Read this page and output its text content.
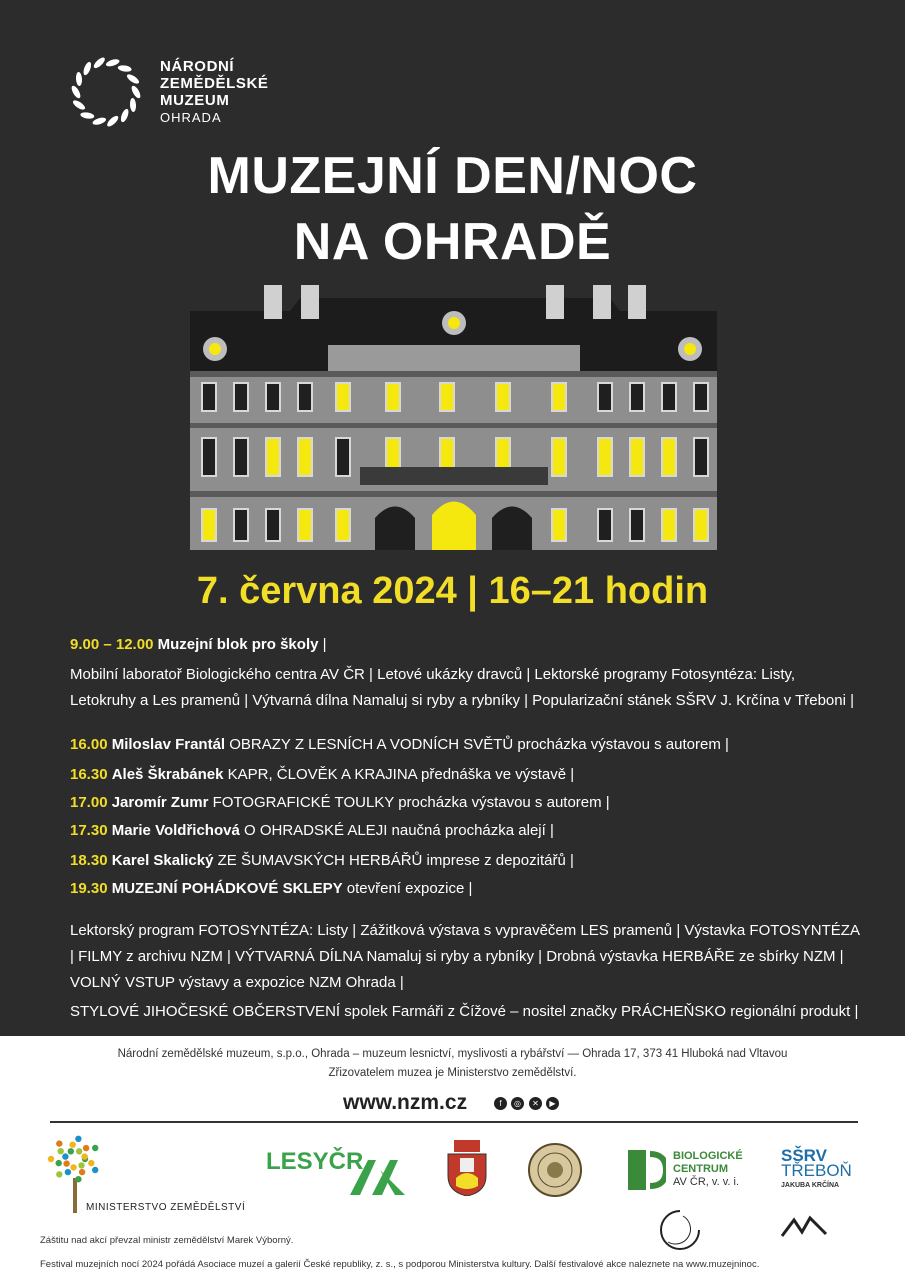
NÁRODNÍ
ZEMĚDĚLSKÉ
MUZEUM
OHRADA
MUZEJNÍ DEN/NOC
NA OHRADĚ
7. června 2024 | 16–21 hodin
9.00 – 12.00 Muzejní blok pro školy |
Mobilní laboratoř Biologického centra AV ČR | Letové ukázky dravců | Lektorské programy Fotosyntéza: Listy,
Letokruhy a Les pramenů | Výtvarná dílna Namaluj si ryby a rybníky | Popularizační stánek SŠRV J. Krčína v Třeboni |
16.00 Miloslav Frantál OBRAZY Z LESNÍCH A VODNÍCH SVĚTŮ procházka výstavou s autorem |
16.30 Aleš Škrabánek KAPR, ČLOVĚK A KRAJINA přednáška ve výstavě |
17.00 Jaromír Zumr FOTOGRAFICKÉ TOULKY procházka výstavou s autorem |
17.30 Marie Voldřichová O OHRADSKÉ ALEJI naučná procházka alejí |
18.30 Karel Skalický ZE ŠUMAVSKÝCH HERBÁŘŮ imprese z depozitářů |
19.30 MUZEJNÍ POHÁDKOVÉ SKLEPY otevření expozice |
Lektorský program FOTOSYNTÉZA: Listy | Zážitková výstava s vypravěčem LES pramenů | Výstavka FOTOSYNTÉZA
| FILMY z archivu NZM | VÝTVARNÁ DÍLNA Namaluj si ryby a rybníky | Drobná výstavka HERBÁŘE ze sbírky NZM |
VOLNÝ VSTUP výstavy a expozice NZM Ohrada |
STYLOVÉ JIHOČESKÉ OBČERSTVENÍ spolek Farmáři z Čížové – nositel značky PRÁCHEŇSKO regionální produkt |
Národní zemědělské muzeum, s.p.o., Ohrada – muzeum lesnictví, myslivosti a rybářství — Ohrada 17, 373 41 Hluboká nad Vltavou
Zřizovatelem muzea je Ministerstvo zemědělství.
www.nzm.cz	f	◎	✕	▶
MINISTERSTVO ZEMĚDĚLSTVÍ
LESYČR	BIOLOGICKÉ
CENTRUM
AV ČR, v. v. i.
SŠRV
TŘEBOŇ
JAKUBA KRČÍNA
Záštitu nad akcí převzal ministr zemědělství Marek Výborný.
Festival muzejních nocí 2024 pořádá Asociace muzeí a galerií České republiky, z. s., s podporou Ministerstva kultury. Další festivalové akce naleznete na www.muzejninoc.
